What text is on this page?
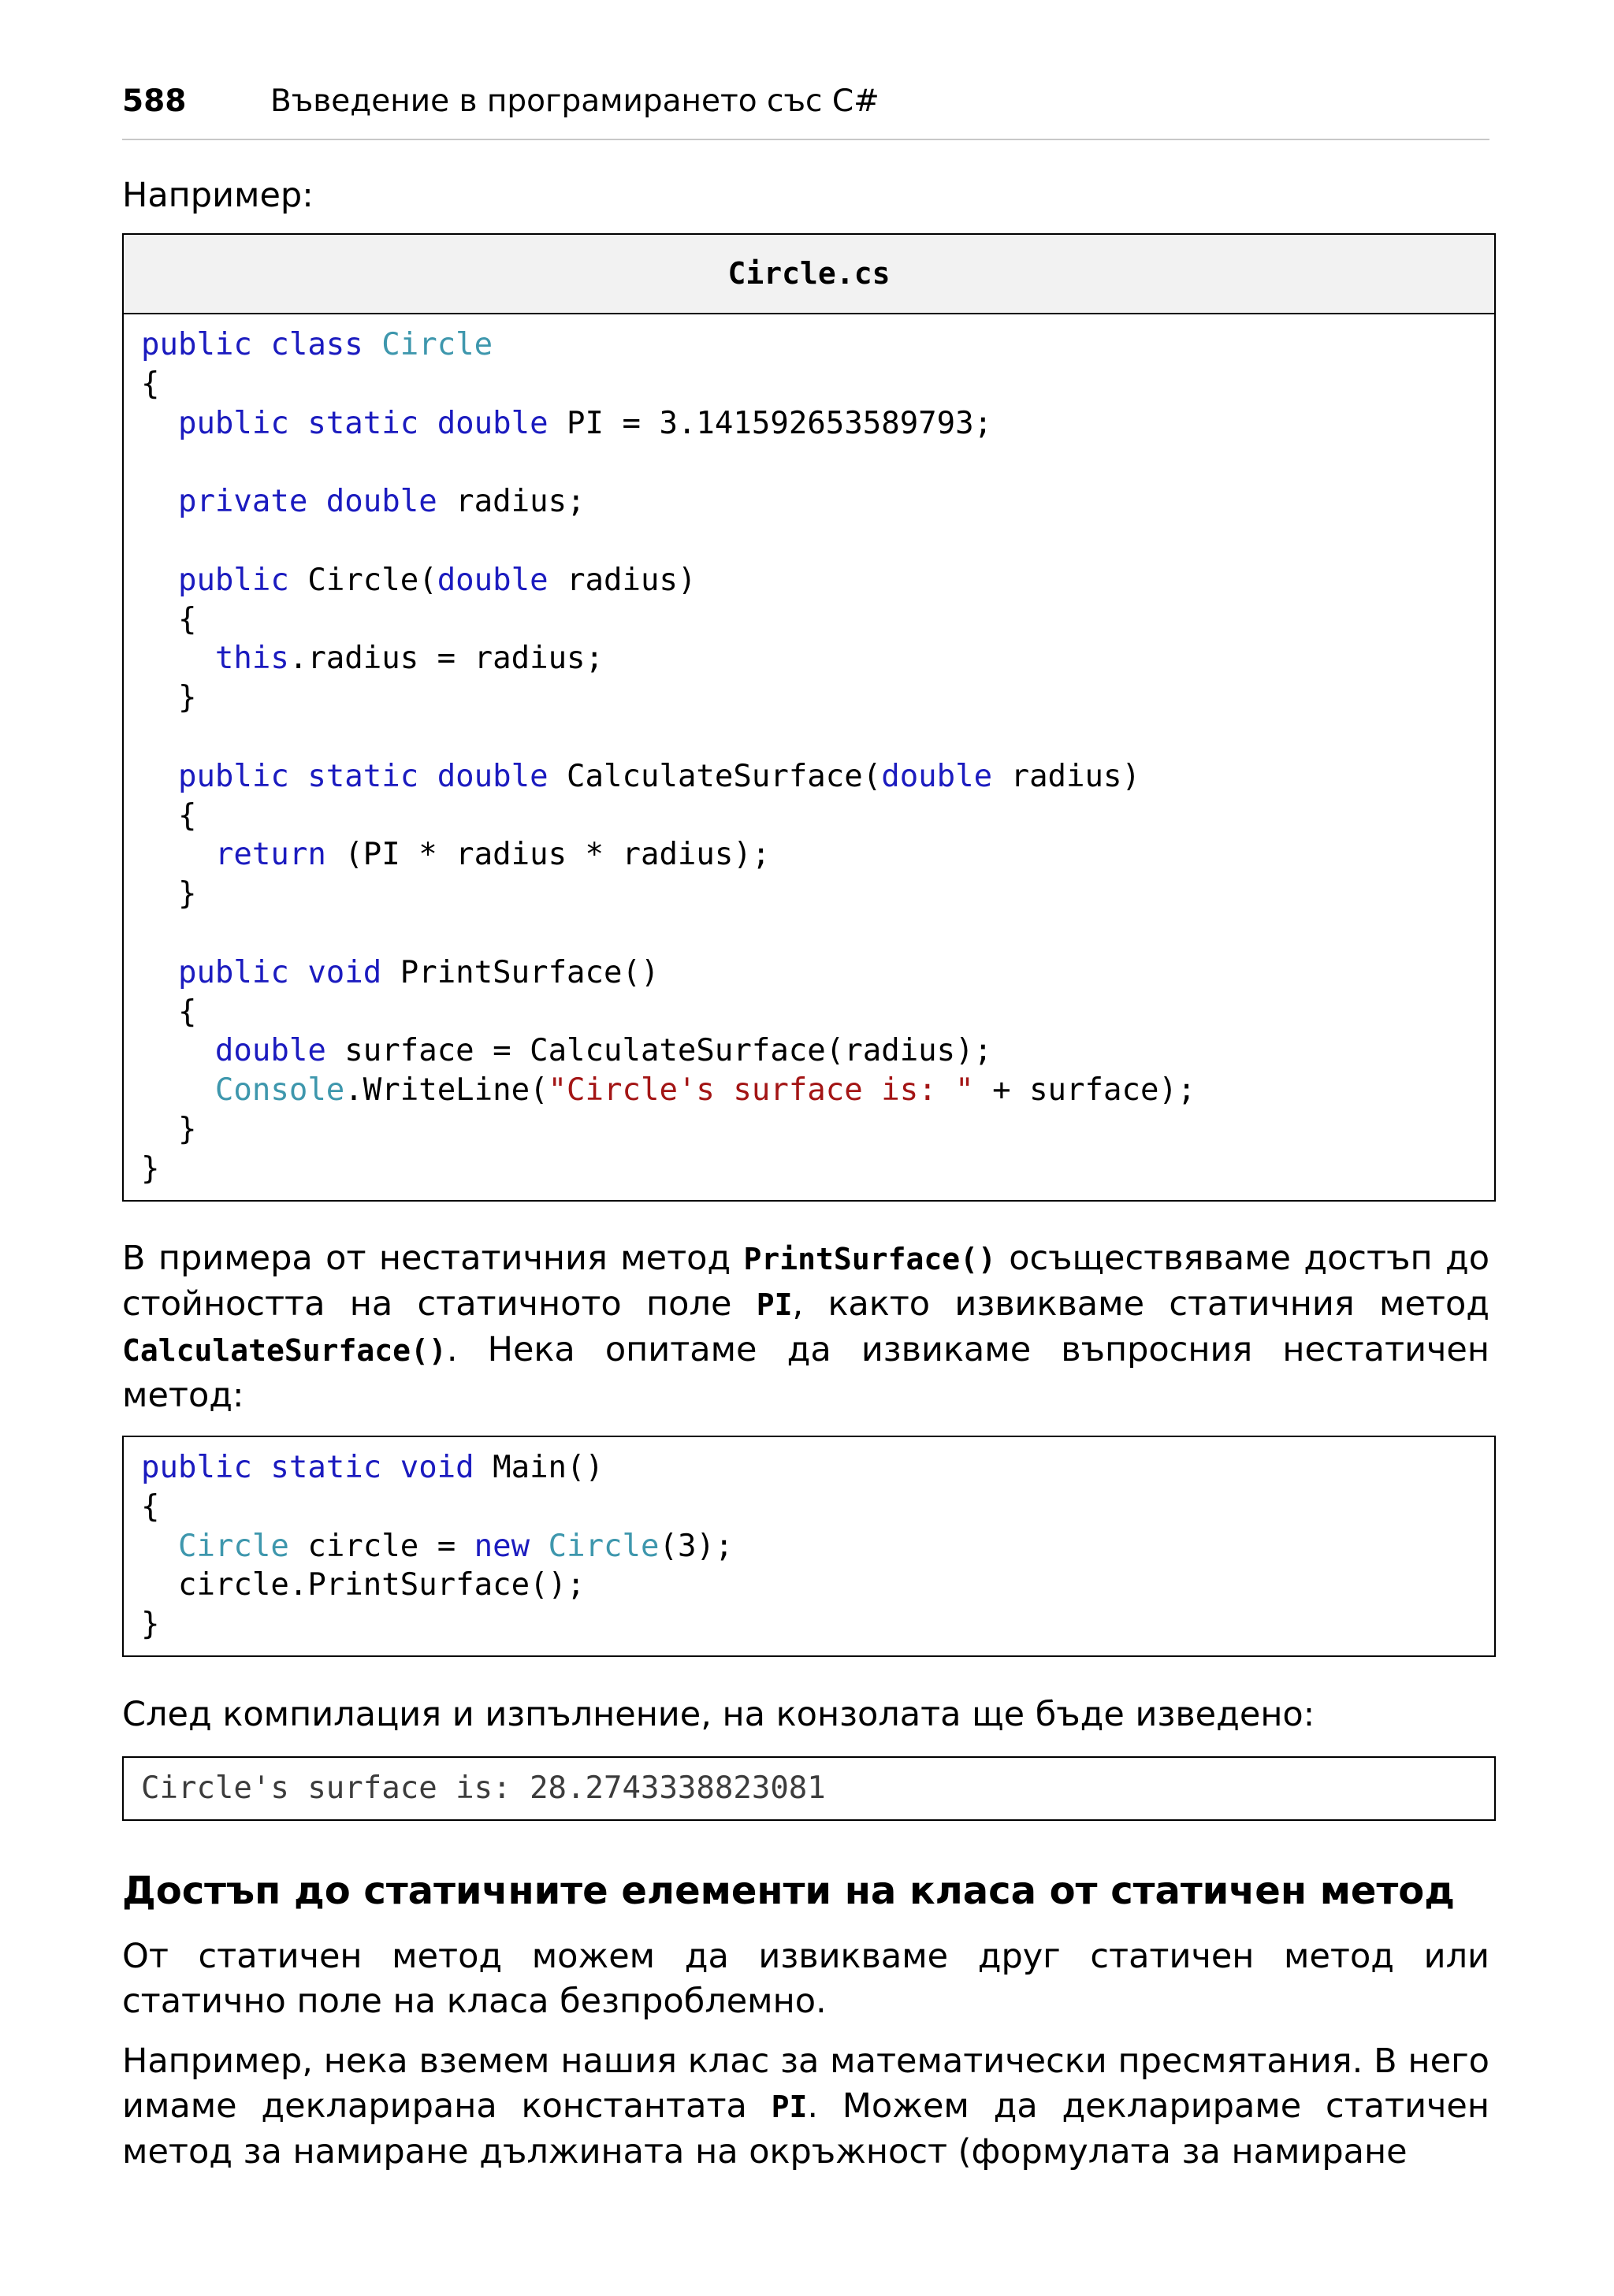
588	Въведение в програмирането със C#
Например:
Circle.cs
public class Circle
{
public static double PI = 3.141592653589793;

private double radius;

public Circle(double radius)
{
this.radius = radius;
}

public static double CalculateSurface(double radius)
{
return (PI * radius * radius);
}

public void PrintSurface()
{
double surface = CalculateSurface(radius);
Console.WriteLine("Circle's surface is: " + surface);
}
}
В примера от нестатичния метод PrintSurface() осъществяваме достъп до стойността на статичното поле PI, както извикваме статичния метод CalculateSurface(). Нека опитаме да извикаме въпросния нестатичен метод:
public static void Main()
{
Circle circle = new Circle(3);
circle.PrintSurface();
}
След компилация и изпълнение, на конзолата ще бъде изведено:
Circle's surface is: 28.2743338823081
Достъп до статичните елементи на класа от статичен метод
От статичен метод можем да извикваме друг статичен метод или статично поле на класа безпроблемно.
Например, нека вземем нашия клас за математически пресмятания. В него имаме декларирана константата PI. Можем да декларираме статичен метод за намиране дължината на окръжност (формулата за намиране
